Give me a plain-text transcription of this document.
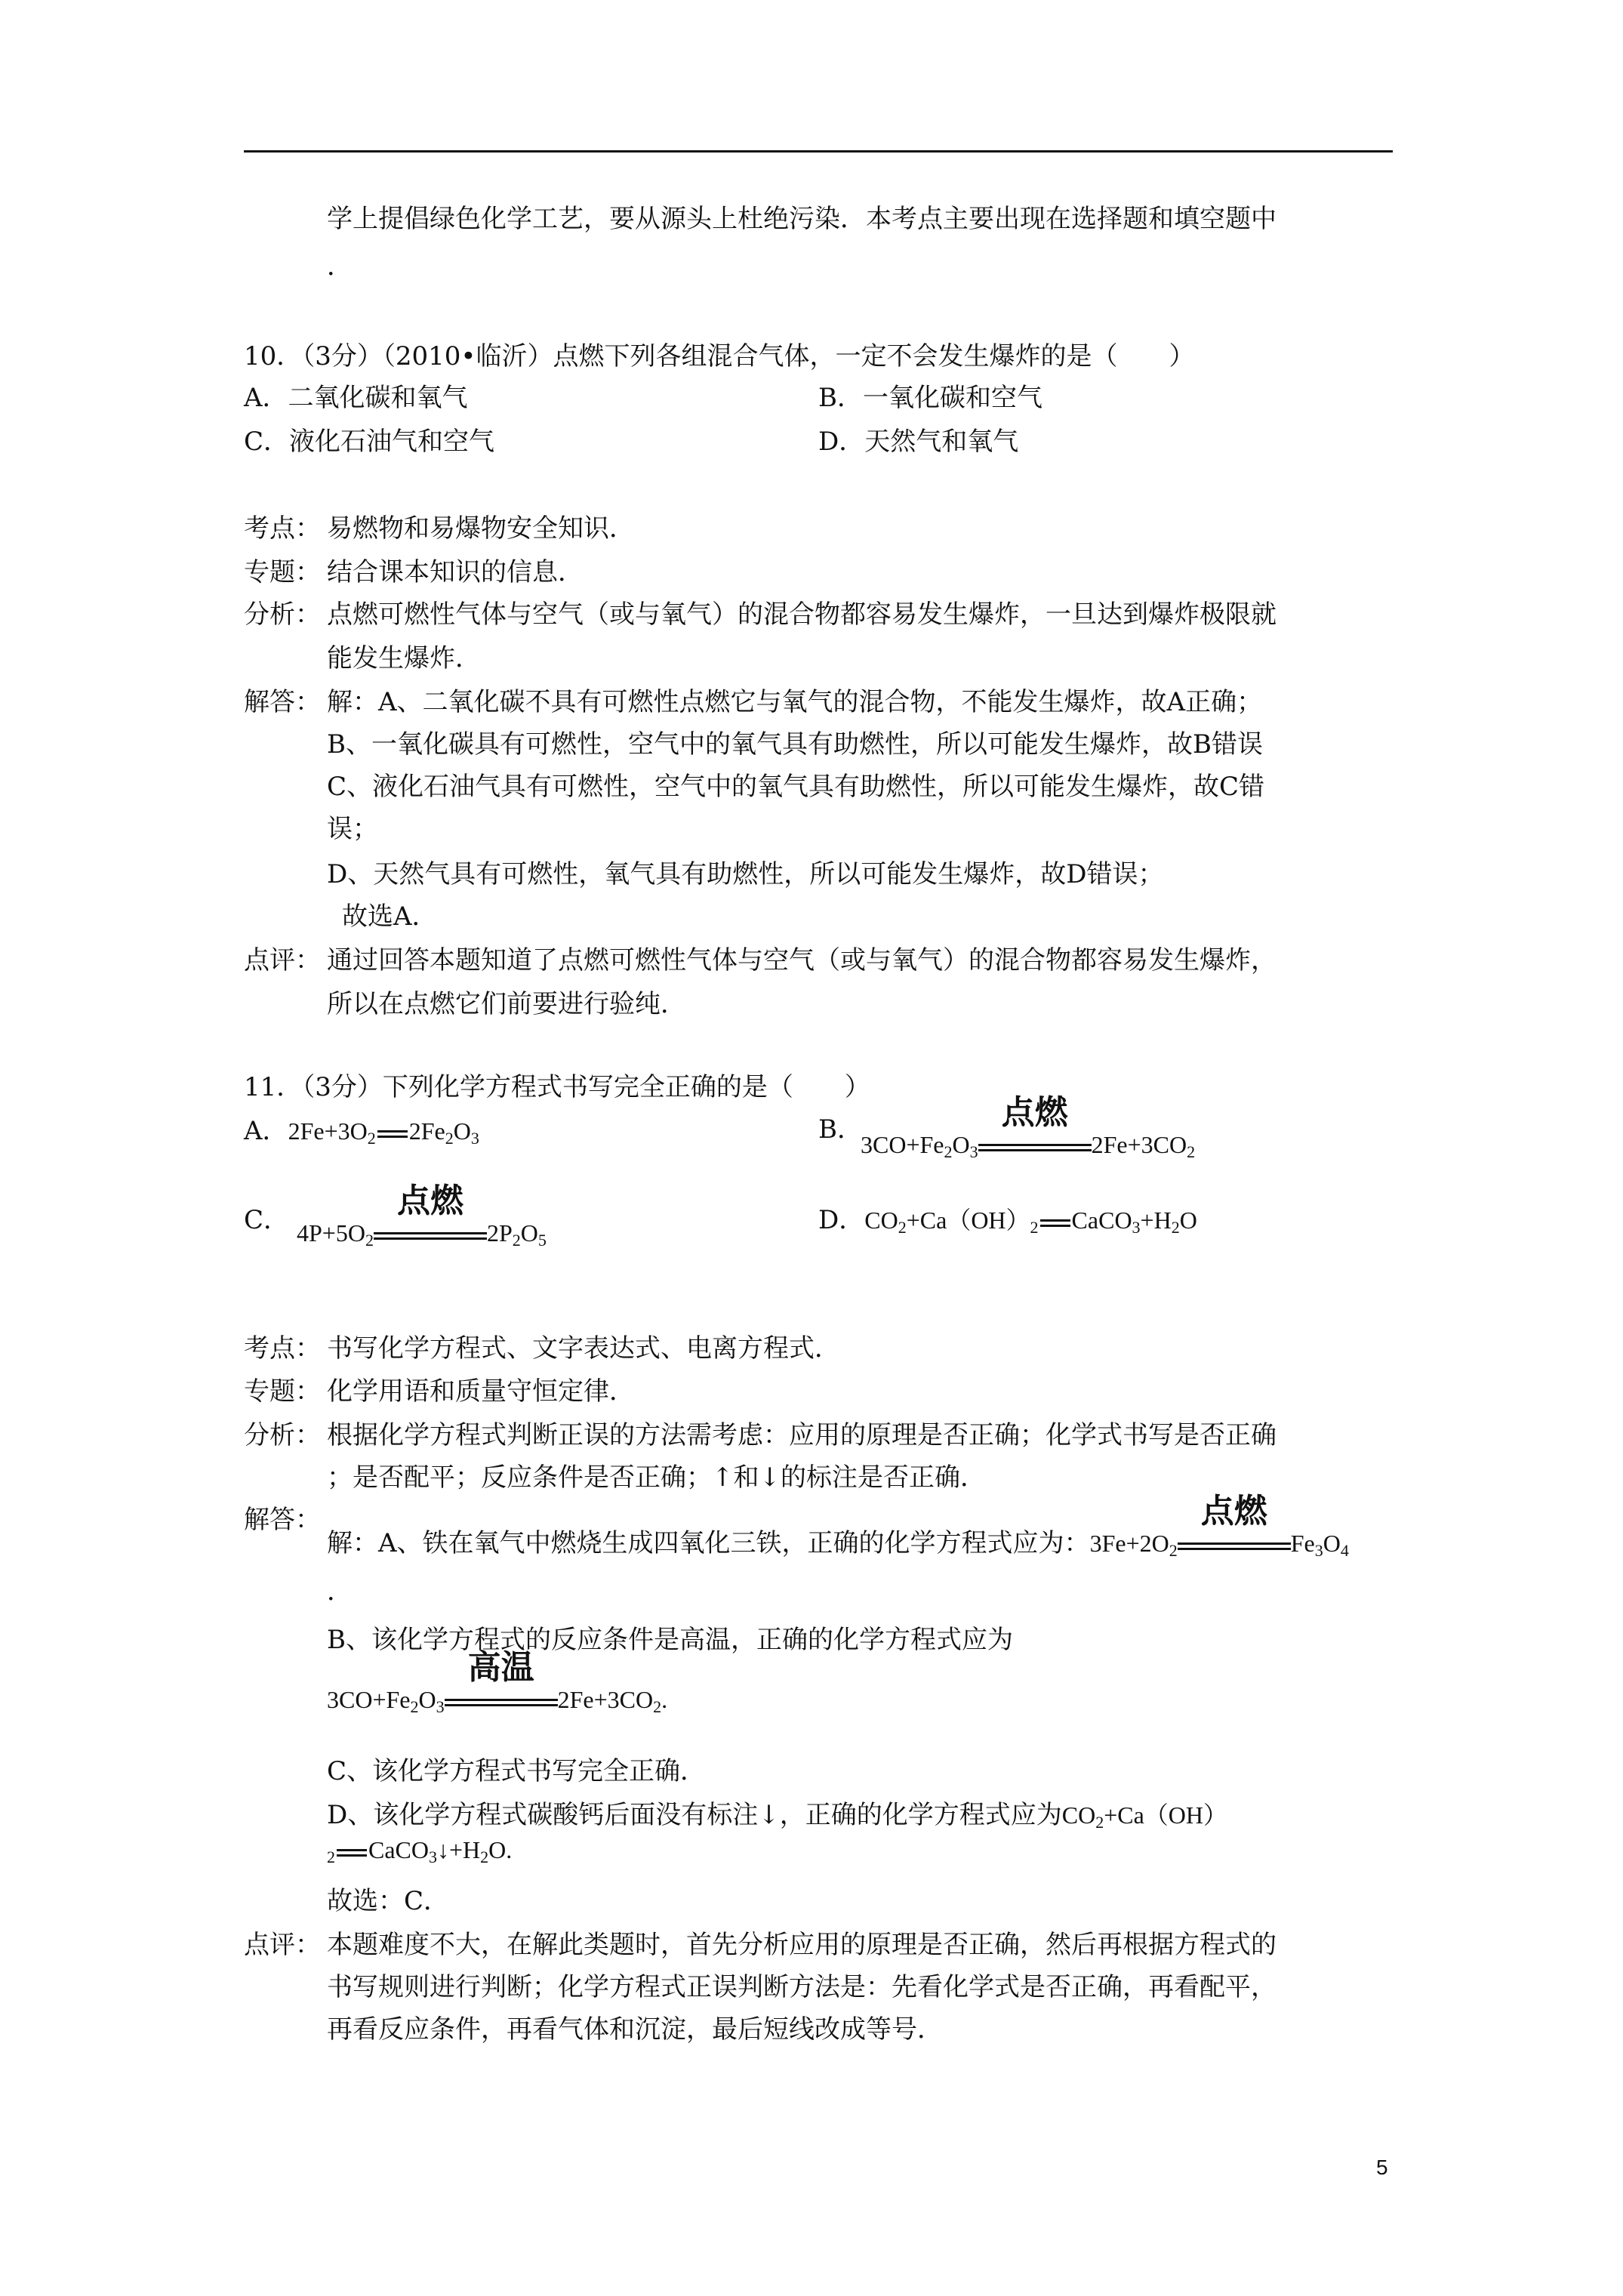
学上提倡绿色化学工艺，要从源头上杜绝污染．本考点主要出现在选择题和填空题中
．
10．（3分）（2010•临沂）点燃下列各组混合气体，一定不会发生爆炸的是（　　）
A．二氧化碳和氧气	B．一氧化碳和空气
C．液化石油气和空气	D．天然气和氧气
考点： 易燃物和易爆物安全知识．
专题： 结合课本知识的信息．
分析： 点燃可燃性气体与空气（或与氧气）的混合物都容易发生爆炸，一旦达到爆炸极限就
能发生爆炸．
解答： 解：A、二氧化碳不具有可燃性点燃它与氧气的混合物，不能发生爆炸，故A正确；
B、一氧化碳具有可燃性，空气中的氧气具有助燃性，所以可能发生爆炸，故B错误
C、液化石油气具有可燃性，空气中的氧气具有助燃性，所以可能发生爆炸，故C错
误；
D、天然气具有可燃性，氧气具有助燃性，所以可能发生爆炸，故D错误；
故选A．
点评： 通过回答本题知道了点燃可燃性气体与空气（或与氧气）的混合物都容易发生爆炸，
所以在点燃它们前要进行验纯．
11．（3分）下列化学方程式书写完全正确的是（　　）
A．$2Fe+3O_2$ $2Fe_2O_3$	B．
$3CO+Fe_2O_3$
点燃
$2Fe+3CO_2$
C． $4P+5O_2$
点燃
$2P_2O_5$
D．$CO_2+Ca(OH)_2$ $CaCO_3+H_2O$
考点： 书写化学方程式、文字表达式、电离方程式．
专题： 化学用语和质量守恒定律．
分析： 根据化学方程式判断正误的方法需考虑：应用的原理是否正确；化学式书写是否正确
；是否配平；反应条件是否正确；↑和↓的标注是否正确．
解答：
解：A、铁在氧气中燃烧生成四氧化三铁，正确的化学方程式应为：$3Fe+2O_2$
点燃
$Fe_3O_4$
．
B、该化学方程式的反应条件是高温，正确的化学方程式应为
$3CO+Fe_2O_3$
高温
$2Fe+3CO_2$.
C、该化学方程式书写完全正确．
D、该化学方程式碳酸钙后面没有标注↓，正确的化学方程式应为$CO_2+Ca(OH)$
$_2$ $CaCO_3↓+H_2O$.
故选：C．
点评： 本题难度不大，在解此类题时，首先分析应用的原理是否正确，然后再根据方程式的
书写规则进行判断；化学方程式正误判断方法是：先看化学式是否正确，再看配平，
再看反应条件，再看气体和沉淀，最后短线改成等号．
5
